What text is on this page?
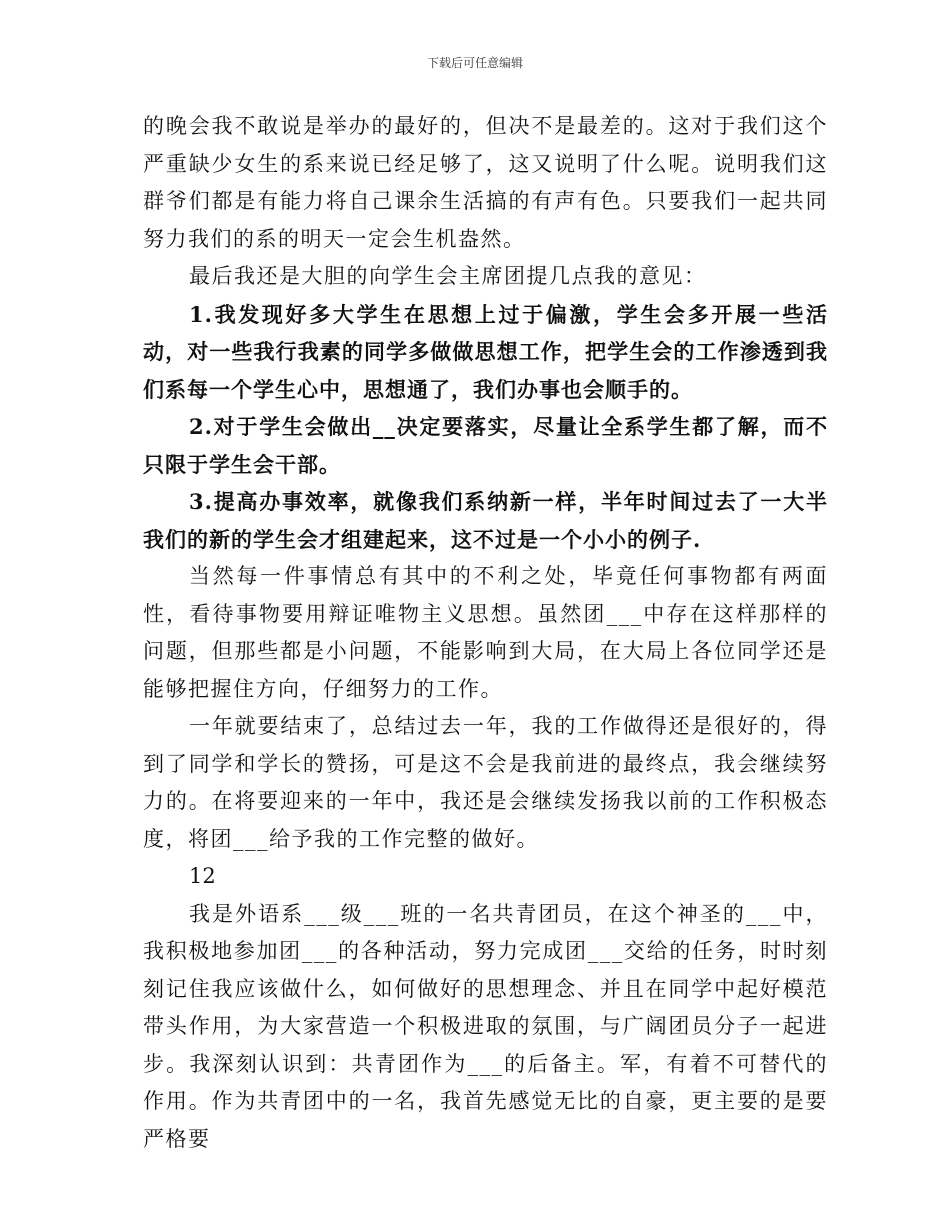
下载后可任意编辑

的晚会我不敢说是举办的最好的，但决不是最差的。这对于我们这个严重缺少女生的系来说已经足够了，这又说明了什么呢。说明我们这群爷们都是有能力将自己课余生活搞的有声有色。只要我们一起共同努力我们的系的明天一定会生机盎然。

最后我还是大胆的向学生会主席团提几点我的意见：

1.我发现好多大学生在思想上过于偏激，学生会多开展一些活动，对一些我行我素的同学多做做思想工作，把学生会的工作渗透到我们系每一个学生心中，思想通了，我们办事也会顺手的。

2.对于学生会做出__决定要落实，尽量让全系学生都了解，而不只限于学生会干部。

3.提高办事效率，就像我们系纳新一样，半年时间过去了一大半我们的新的学生会才组建起来，这不过是一个小小的例子.

当然每一件事情总有其中的不利之处，毕竟任何事物都有两面性，看待事物要用辩证唯物主义思想。虽然团___中存在这样那样的问题，但那些都是小问题，不能影响到大局，在大局上各位同学还是能够把握住方向，仔细努力的工作。

一年就要结束了，总结过去一年，我的工作做得还是很好的，得到了同学和学长的赞扬，可是这不会是我前进的最终点，我会继续努力的。在将要迎来的一年中，我还是会继续发扬我以前的工作积极态度，将团___给予我的工作完整的做好。

12

我是外语系___级___班的一名共青团员，在这个神圣的___中，我积极地参加团___的各种活动，努力完成团___交给的任务，时时刻刻记住我应该做什么，如何做好的思想理念、并且在同学中起好模范带头作用，为大家营造一个积极进取的氛围，与广阔团员分子一起进步。我深刻认识到：共青团作为___的后备主。军，有着不可替代的作用。作为共青团中的一名，我首先感觉无比的自豪，更主要的是要严格要
